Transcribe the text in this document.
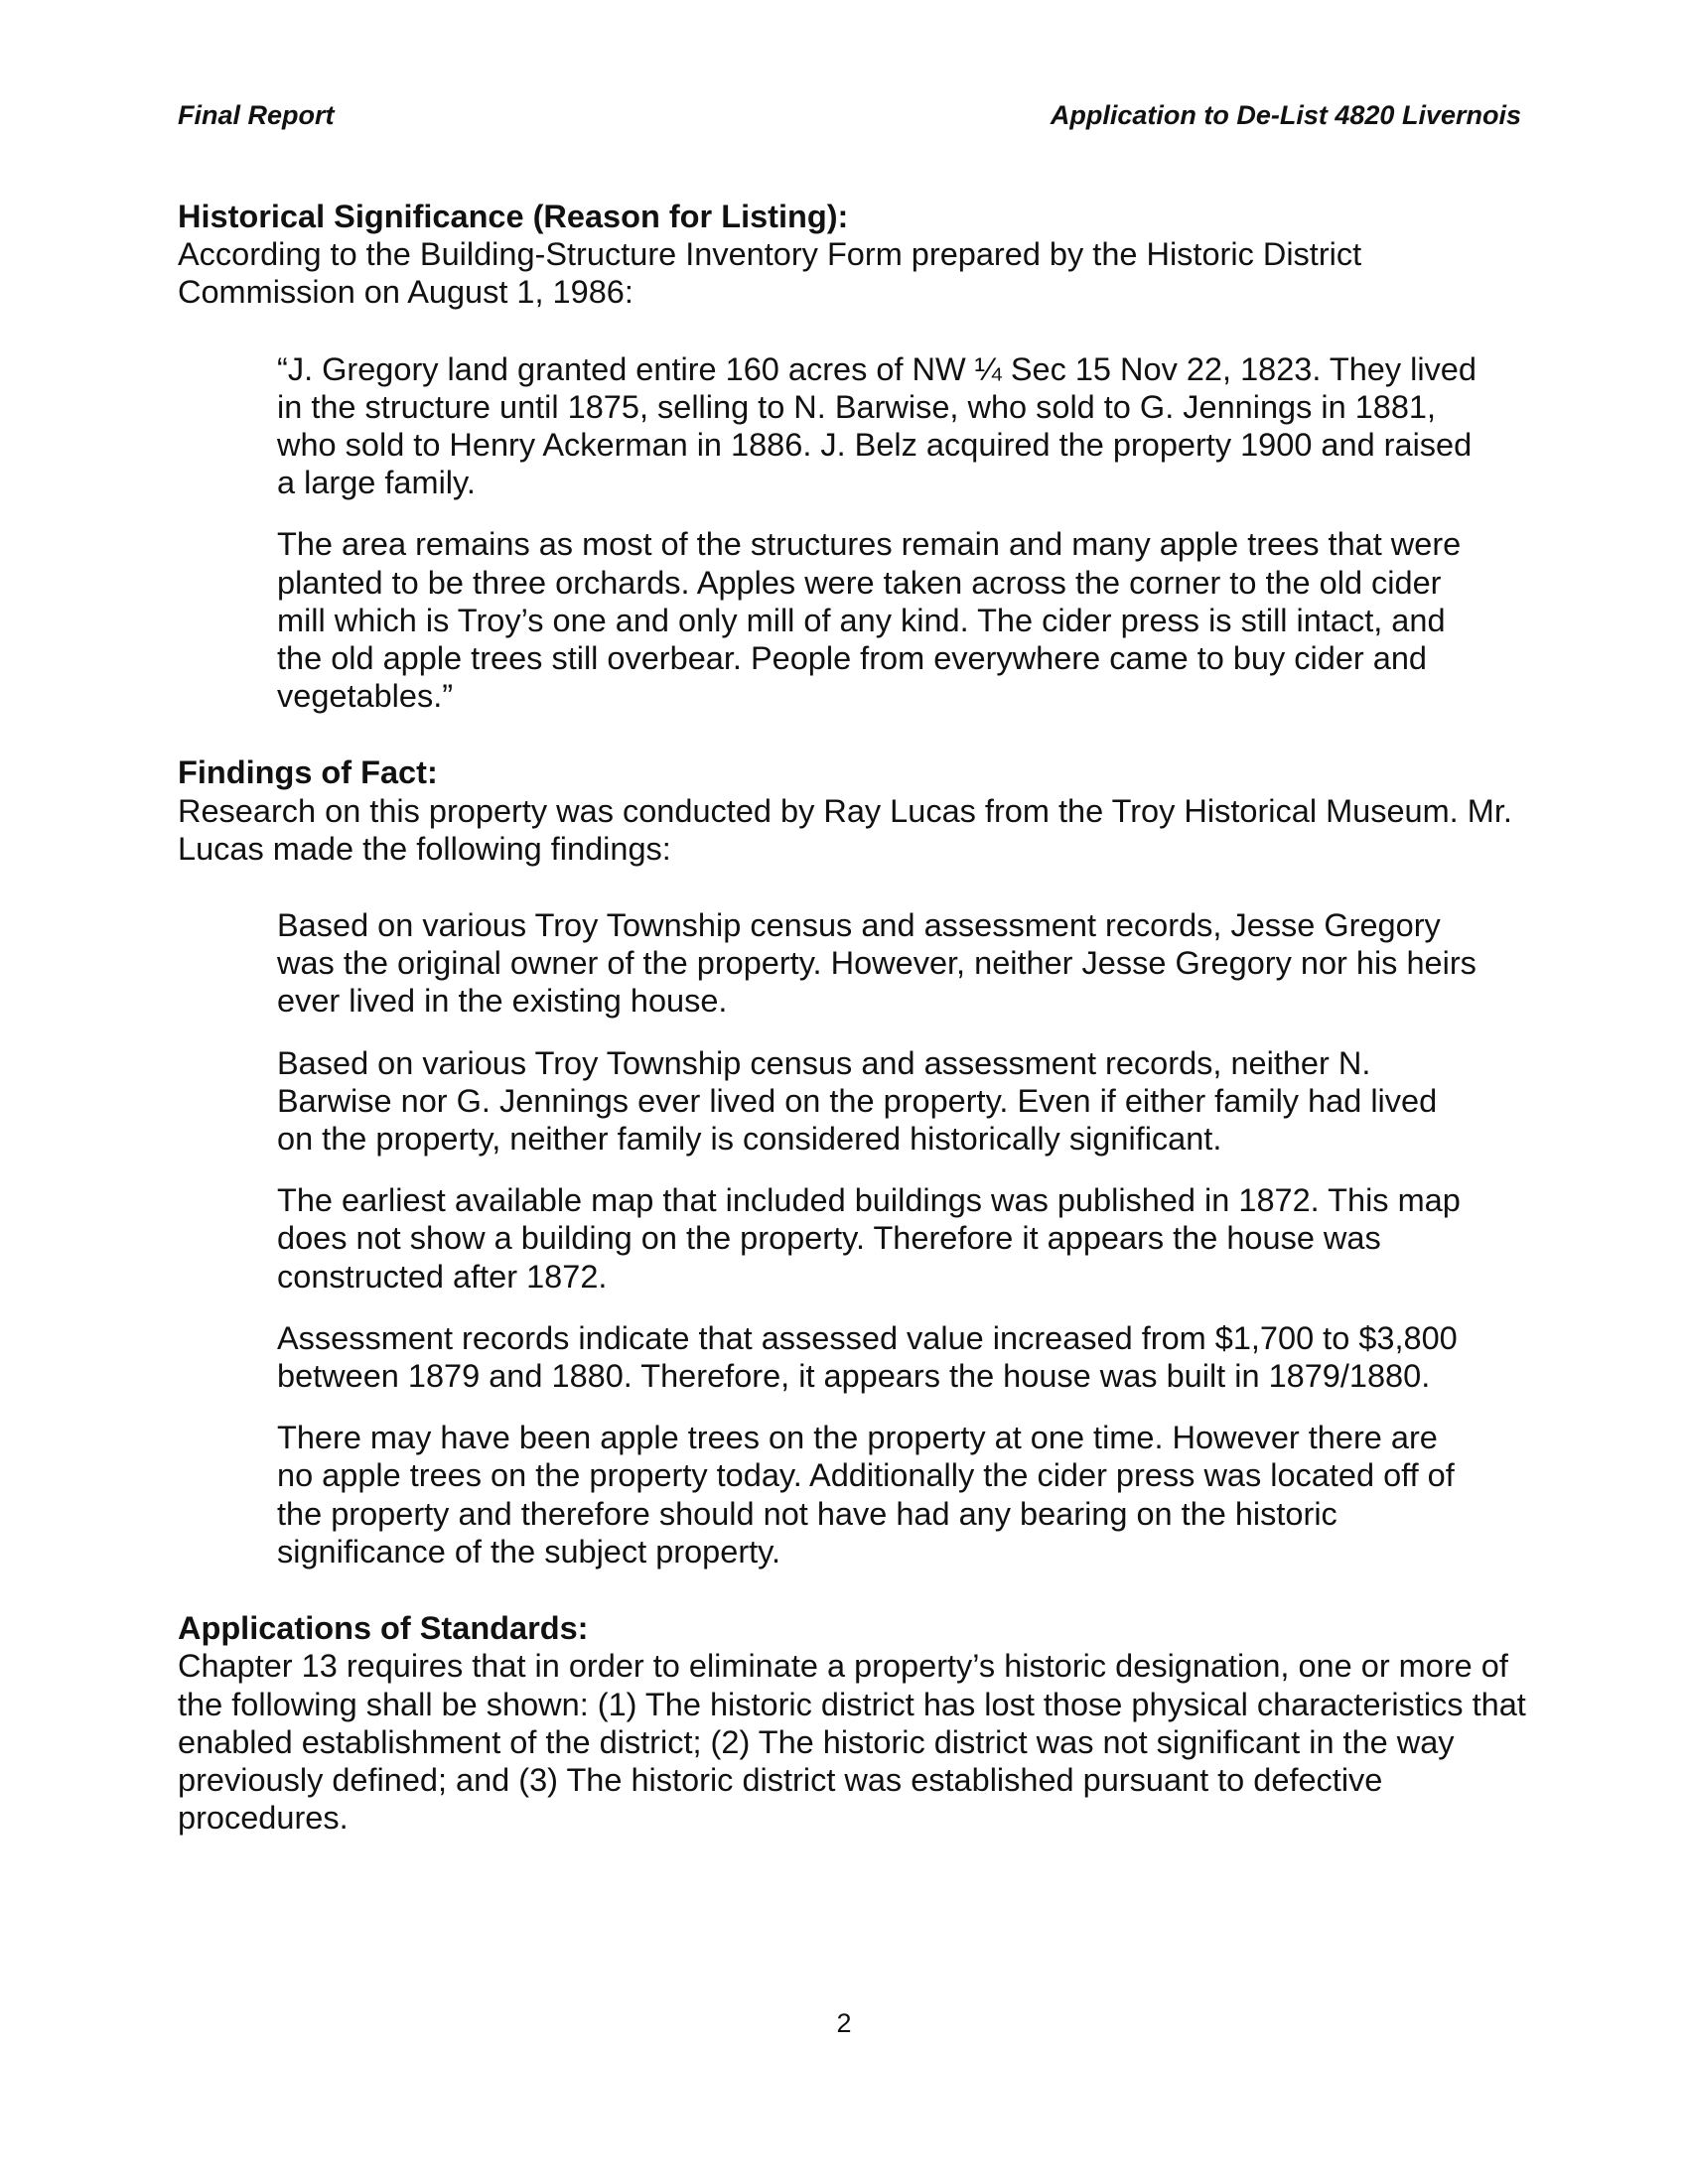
Final Report	Application to De-List 4820 Livernois

Historical Significance (Reason for Listing):

According to the Building-Structure Inventory Form prepared by the Historic District Commission on August 1, 1986:

“J. Gregory land granted entire 160 acres of NW ¼ Sec 15 Nov 22, 1823. They lived in the structure until 1875, selling to N. Barwise, who sold to G. Jennings in 1881, who sold to Henry Ackerman in 1886. J. Belz acquired the property 1900 and raised a large family.

The area remains as most of the structures remain and many apple trees that were planted to be three orchards. Apples were taken across the corner to the old cider mill which is Troy’s one and only mill of any kind. The cider press is still intact, and the old apple trees still overbear. People from everywhere came to buy cider and vegetables.”

Findings of Fact:

Research on this property was conducted by Ray Lucas from the Troy Historical Museum. Mr. Lucas made the following findings:

Based on various Troy Township census and assessment records, Jesse Gregory was the original owner of the property. However, neither Jesse Gregory nor his heirs ever lived in the existing house.

Based on various Troy Township census and assessment records, neither N. Barwise nor G. Jennings ever lived on the property. Even if either family had lived on the property, neither family is considered historically significant.

The earliest available map that included buildings was published in 1872. This map does not show a building on the property. Therefore it appears the house was constructed after 1872.

Assessment records indicate that assessed value increased from $1,700 to $3,800 between 1879 and 1880. Therefore, it appears the house was built in 1879/1880.

There may have been apple trees on the property at one time. However there are no apple trees on the property today. Additionally the cider press was located off of the property and therefore should not have had any bearing on the historic significance of the subject property.

Applications of Standards:

Chapter 13 requires that in order to eliminate a property’s historic designation, one or more of the following shall be shown: (1) The historic district has lost those physical characteristics that enabled establishment of the district; (2) The historic district was not significant in the way previously defined; and (3) The historic district was established pursuant to defective procedures.

2
